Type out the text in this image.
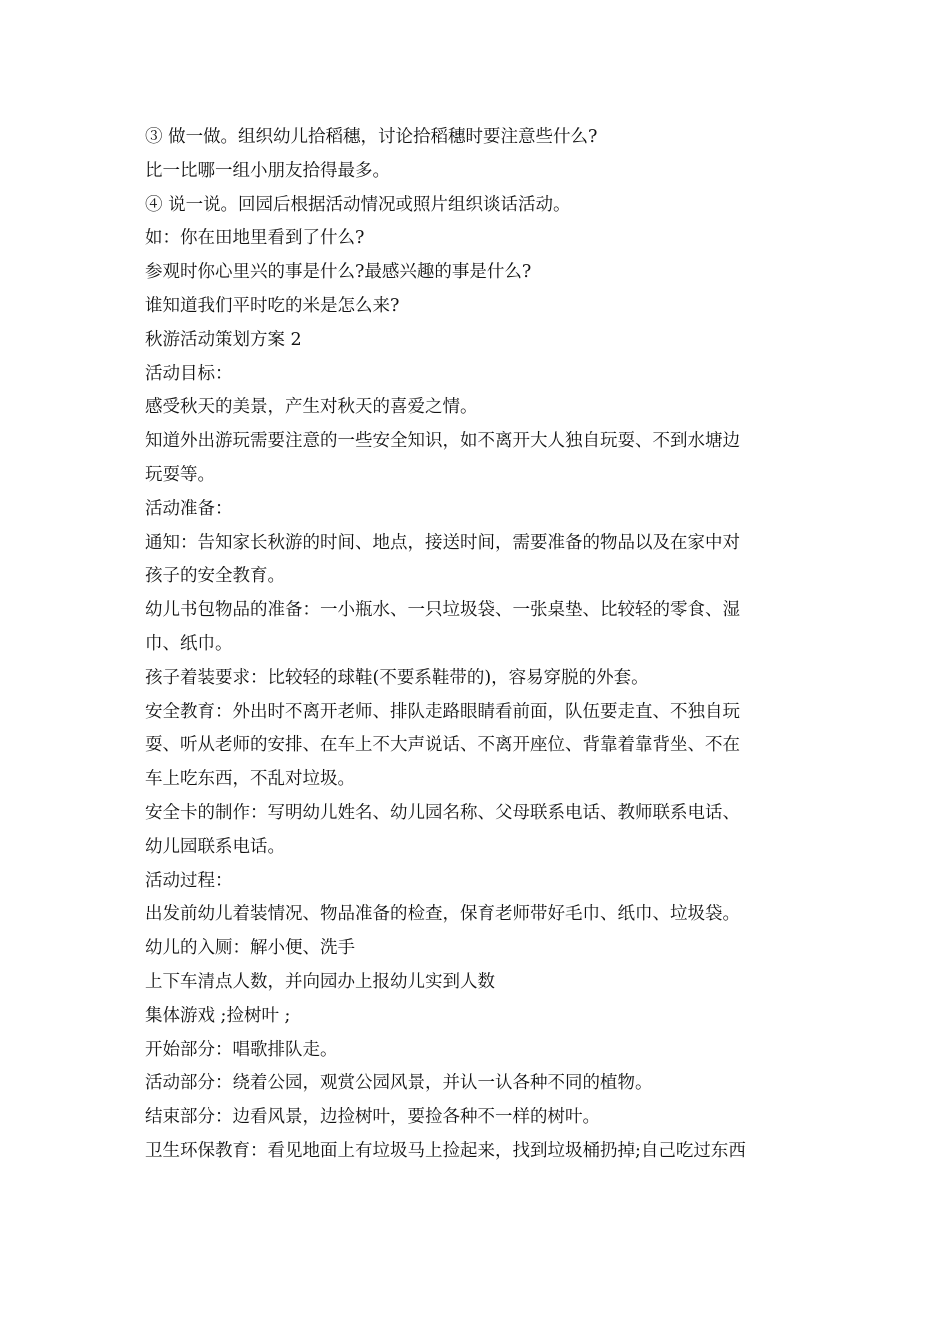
③ 做一做。组织幼儿拾稻穗，讨论拾稻穗时要注意些什么?
比一比哪一组小朋友拾得最多。
④ 说一说。回园后根据活动情况或照片组织谈话活动。
如：你在田地里看到了什么?
参观时你心里兴的事是什么?最感兴趣的事是什么?
谁知道我们平时吃的米是怎么来?
秋游活动策划方案 2
活动目标：
感受秋天的美景，产生对秋天的喜爱之情。
知道外出游玩需要注意的一些安全知识，如不离开大人独自玩耍、不到水塘边
玩耍等。
活动准备：
通知：告知家长秋游的时间、地点，接送时间，需要准备的物品以及在家中对
孩子的安全教育。
幼儿书包物品的准备：一小瓶水、一只垃圾袋、一张桌垫、比较轻的零食、湿
巾、纸巾。
孩子着装要求：比较轻的球鞋(不要系鞋带的)，容易穿脱的外套。
安全教育：外出时不离开老师、排队走路眼睛看前面，队伍要走直、不独自玩
耍、听从老师的安排、在车上不大声说话、不离开座位、背靠着靠背坐、不在
车上吃东西，不乱对垃圾。
安全卡的制作：写明幼儿姓名、幼儿园名称、父母联系电话、教师联系电话、
幼儿园联系电话。
活动过程：
出发前幼儿着装情况、物品准备的检查，保育老师带好毛巾、纸巾、垃圾袋。
幼儿的入厕：解小便、洗手
上下车清点人数，并向园办上报幼儿实到人数
集体游戏 ;捡树叶 ;
开始部分：唱歌排队走。
活动部分：绕着公园，观赏公园风景，并认一认各种不同的植物。
结束部分：边看风景，边捡树叶，要捡各种不一样的树叶。
卫生环保教育：看见地面上有垃圾马上捡起来，找到垃圾桶扔掉;自己吃过东西
